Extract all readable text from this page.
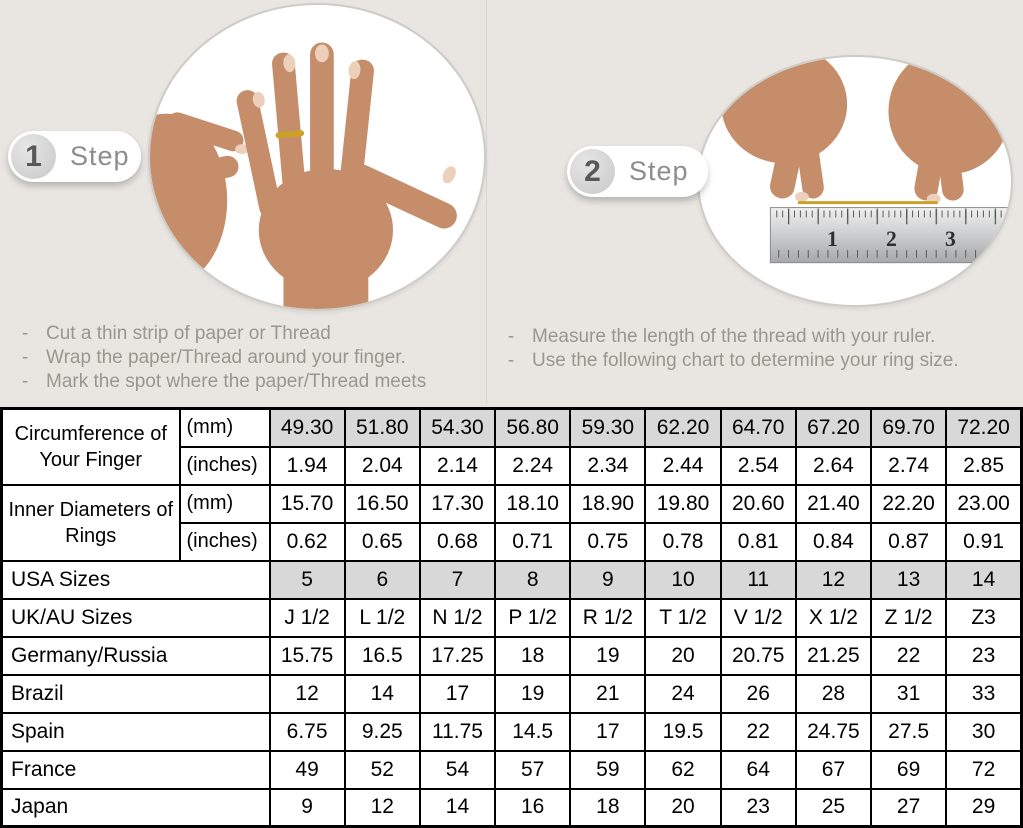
1 2 3
1	Step	2	Step
- Cut a thin strip of paper or Thread
- Wrap the paper/Thread around your finger.
- Mark the spot where the paper/Thread meets
- Measure the length of the thread with your ruler.
- Use the following chart to determine your ring size.
Circumference of Your Finger	(mm)	49.30	51.80	54.30	56.80	59.30	62.20	64.70	67.20	69.70	72.20
	(inches)	1.94	2.04	2.14	2.24	2.34	2.44	2.54	2.64	2.74	2.85
Inner Diameters of Rings	(mm)	15.70	16.50	17.30	18.10	18.90	19.80	20.60	21.40	22.20	23.00
	(inches)	0.62	0.65	0.68	0.71	0.75	0.78	0.81	0.84	0.87	0.91
USA Sizes		5	6	7	8	9	10	11	12	13	14
UK/AU Sizes		J 1/2	L 1/2	N 1/2	P 1/2	R 1/2	T 1/2	V 1/2	X 1/2	Z 1/2	Z3
Germany/Russia		15.75	16.5	17.25	18	19	20	20.75	21.25	22	23
Brazil		12	14	17	19	21	24	26	28	31	33
Spain		6.75	9.25	11.75	14.5	17	19.5	22	24.75	27.5	30
France		49	52	54	57	59	62	64	67	69	72
Japan		9	12	14	16	18	20	23	25	27	29
